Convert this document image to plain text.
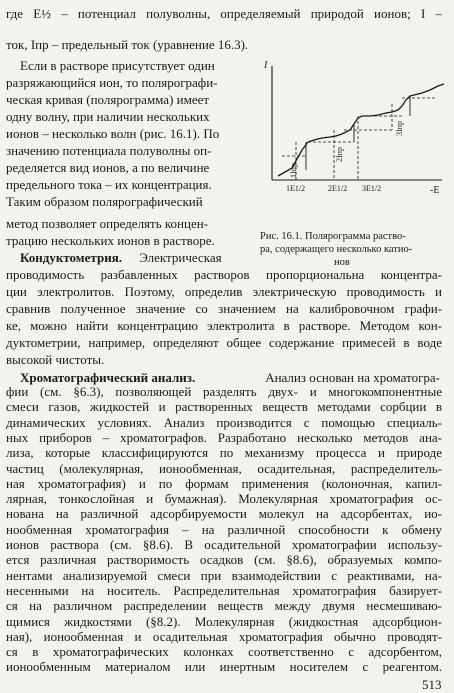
где E½ – потенциал полуволны, определяемый природой ионов; I –
ток, Iпр – предельный ток (уравнение 16.3).
Если в растворе присутствует один
разряжающийся ион, то полярографи-
ческая кривая (полярограмма) имеет
одну волну, при наличии нескольких
ионов – несколько волн (рис. 16.1). По
значению потенциала полуволны оп-
ределяется вид ионов, а по величине
предельного тока – их концентрация.
Таким образом полярографический
метод позволяет определять концен-
трацию нескольких ионов в растворе.
I
-E
1Iпр
2Iпр
3Iпр
1E1/2	2E1/2 3E1/2
Рис. 16.1. Полярограмма раство-
ра, содержащего несколько катио-
нов
Кондуктометрия. Электрическая
проводимость разбавленных растворов пропорциональна концентра-
ции электролитов. Поэтому, определив электрическую проводимость и
сравнив полученное значение со значением на калибровочном графи-
ке, можно найти концентрацию электролита в растворе. Методом кон-
дуктометрии, например, определяют общее содержание примесей в воде
высокой чистоты.
Хроматографический анализ.	Анализ основан на хроматогра-
фии (см. §6.3), позволяющей разделять двух- и многокомпонентные
смеси газов, жидкостей и растворенных веществ методами сорбции в
динамических условиях. Анализ производится с помощью специаль-
ных приборов – хроматографов. Разработано несколько методов ана-
лиза, которые классифицируются по механизму процесса и природе
частиц (молекулярная, ионообменная, осадительная, распределитель-
ная хроматография) и по формам применения (колоночная, капил-
лярная, тонкослойная и бумажная). Молекулярная хроматография ос-
нована на различной адсорбируемости молекул на адсорбентах, ио-
нообменная хроматография – на различной способности к обмену
ионов раствора (см. §8.6). В осадительной хроматографии использу-
ется различная растворимость осадков (см. §8.6), образуемых компо-
нентами анализируемой смеси при взаимодействии с реактивами, на-
несенными на носитель. Распределительная хроматография базирует-
ся на различном распределении веществ между двумя несмешиваю-
щимися жидкостями (§8.2). Молекулярная (жидкостная адсорбцион-
ная), ионообменная и осадительная хроматография обычно проводят-
ся в хроматографических колонках соответственно с адсорбентом,
ионообменным материалом или инертным носителем с реагентом.
513
